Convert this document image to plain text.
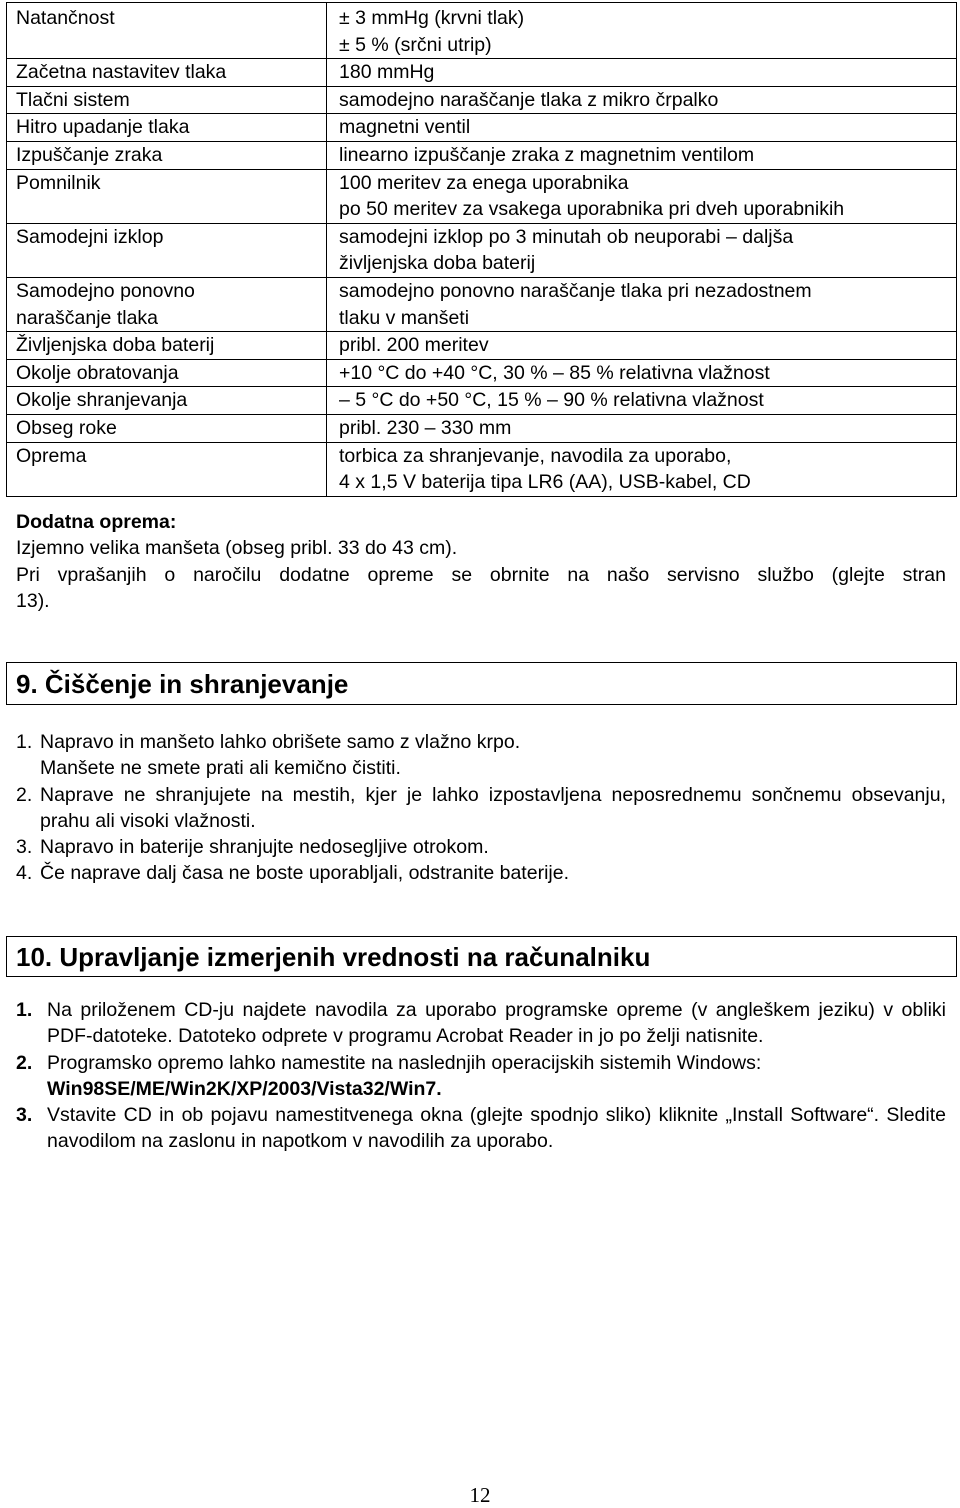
Natančnost	± 3 mmHg (krvni tlak)
± 5 % (srčni utrip)

Začetna nastavitev tlaka	180 mmHg

Tlačni sistem	samodejno naraščanje tlaka z mikro črpalko

Hitro upadanje tlaka	magnetni ventil

Izpuščanje zraka	linearno izpuščanje zraka z magnetnim ventilom

Pomnilnik	100 meritev za enega uporabnika
po 50 meritev za vsakega uporabnika pri dveh uporabnikih

Samodejni izklop	samodejni izklop po 3 minutah ob neuporabi – daljša
življenjska doba baterij

Samodejno ponovno
naraščanje tlaka	samodejno ponovno naraščanje tlaka pri nezadostnem
tlaku v manšeti

Življenjska doba baterij	pribl. 200 meritev

Okolje obratovanja	+10 °C do +40 °C, 30 % – 85 % relativna vlažnost

Okolje shranjevanja	– 5 °C do +50 °C, 15 % – 90 % relativna vlažnost

Obseg roke	pribl. 230 – 330 mm

Oprema	torbica za shranjevanje, navodila za uporabo,
4 x 1,5 V baterija tipa LR6 (AA), USB-kabel, CD
Dodatna oprema:
Izjemno velika manšeta (obseg pribl. 33 do 43 cm).
Pri vprašanjih o naročilu dodatne opreme se obrnite na našo servisno službo (glejte stran
13).
9. Čiščenje in shranjevanje
1. Napravo in manšeto lahko obrišete samo z vlažno krpo.
Manšete ne smete prati ali kemično čistiti.
2. Naprave ne shranjujete na mestih, kjer je lahko izpostavljena neposrednemu sončnemu obsevanju, prahu ali visoki vlažnosti.
3. Napravo in baterije shranjujte nedosegljive otrokom.
4. Če naprave dalj časa ne boste uporabljali, odstranite baterije.
10. Upravljanje izmerjenih vrednosti na računalniku
1. Na priloženem CD-ju najdete navodila za uporabo programske opreme (v angleškem jeziku) v obliki PDF-datoteke. Datoteko odprete v programu Acrobat Reader in jo po želji natisnite.
2. Programsko opremo lahko namestite na naslednjih operacijskih sistemih Windows:
Win98SE/ME/Win2K/XP/2003/Vista32/Win7.
3. Vstavite CD in ob pojavu namestitvenega okna (glejte spodnjo sliko) kliknite „Install Software“. Sledite navodilom na zaslonu in napotkom v navodilih za uporabo.
12
